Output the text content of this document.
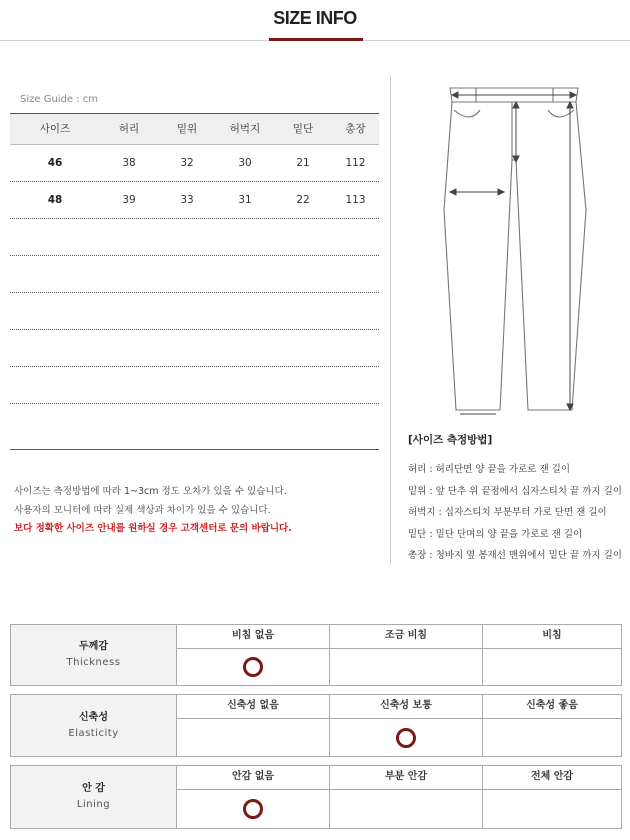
SIZE INFO
Size Guide : cm
사이즈	허리	밑위	허벅지	밑단	총장
46	38	32	30	21	112
48	39	33	31	22	113
[사이즈 측정방법]
허리 : 허리단면 양 끝을 가로로 잰 길이
밑위 : 앞 단추 위 끝점에서 십자스티치 끝 까지 길이
허벅지 : 십자스티치 부분부터 가로 단면 잰 길이
밑단 : 밑단 단며의 양 끝을 가로로 잰 길이
총장 : 청바지 옆 봉재선 맨위에서 밑단 끝 까지 길이
사이즈는 측정방법에 따라 1~3cm 정도 오차가 있을 수 있습니다.
사용자의 모니터에 따라 실제 색상과 차이가 있을 수 있습니다.
보다 정확한 사이즈 안내를 원하실 경우 고객센터로 문의 바랍니다.
두께감
Thickness
비침 없음	조금 비침	비침
신축성
Elasticity
신축성 없음	신축성 보통	신축성 좋음
안 감
Lining
안감 없음	부분 안감	전체 안감
